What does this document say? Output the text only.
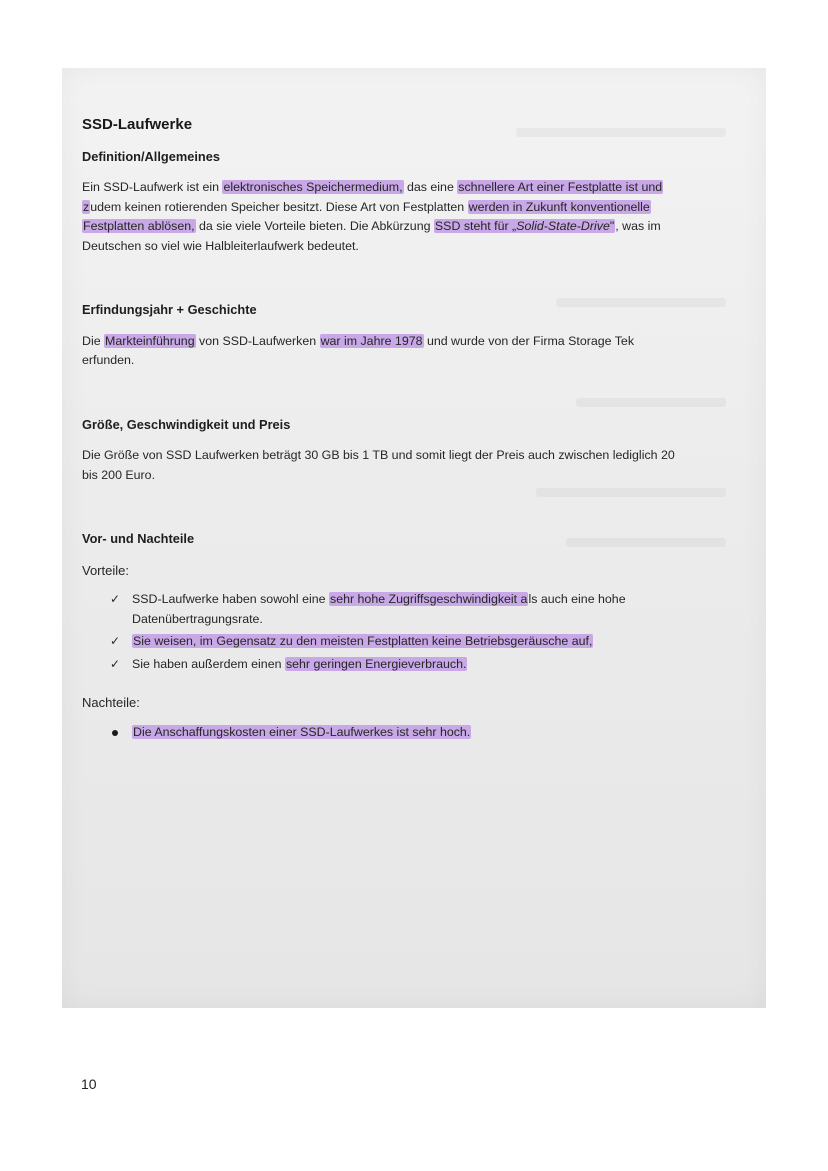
SSD-Laufwerke
Definition/Allgemeines

Ein SSD-Laufwerk ist ein elektronisches Speichermedium, das eine schnellere Art einer Festplatte ist und zudem keinen rotierenden Speicher besitzt. Diese Art von Festplatten werden in Zukunft konventionelle Festplatten ablösen, da sie viele Vorteile bieten. Die Abkürzung SSD steht für „Solid-State-Drive", was im Deutschen so viel wie Halbleiterlaufwerk bedeutet.

Erfindungsjahr + Geschichte

Die Markteinführung von SSD-Laufwerken war im Jahre 1978 und wurde von der Firma Storage Tek erfunden.

Größe, Geschwindigkeit und Preis

Die Größe von SSD Laufwerken beträgt 30 GB bis 1 TB und somit liegt der Preis auch zwischen lediglich 20 bis 200 Euro.

Vor- und Nachteile
Vorteile:
✓ SSD-Laufwerke haben sowohl eine sehr hohe Zugriffsgeschwindigkeit als auch eine hohe Datenübertragungsrate.
✓ Sie weisen, im Gegensatz zu den meisten Festplatten keine Betriebsgeräusche auf,
✓ Sie haben außerdem einen sehr geringen Energieverbrauch.
Nachteile:
Die Anschaffungskosten einer SSD-Laufwerkes ist sehr hoch.
10
